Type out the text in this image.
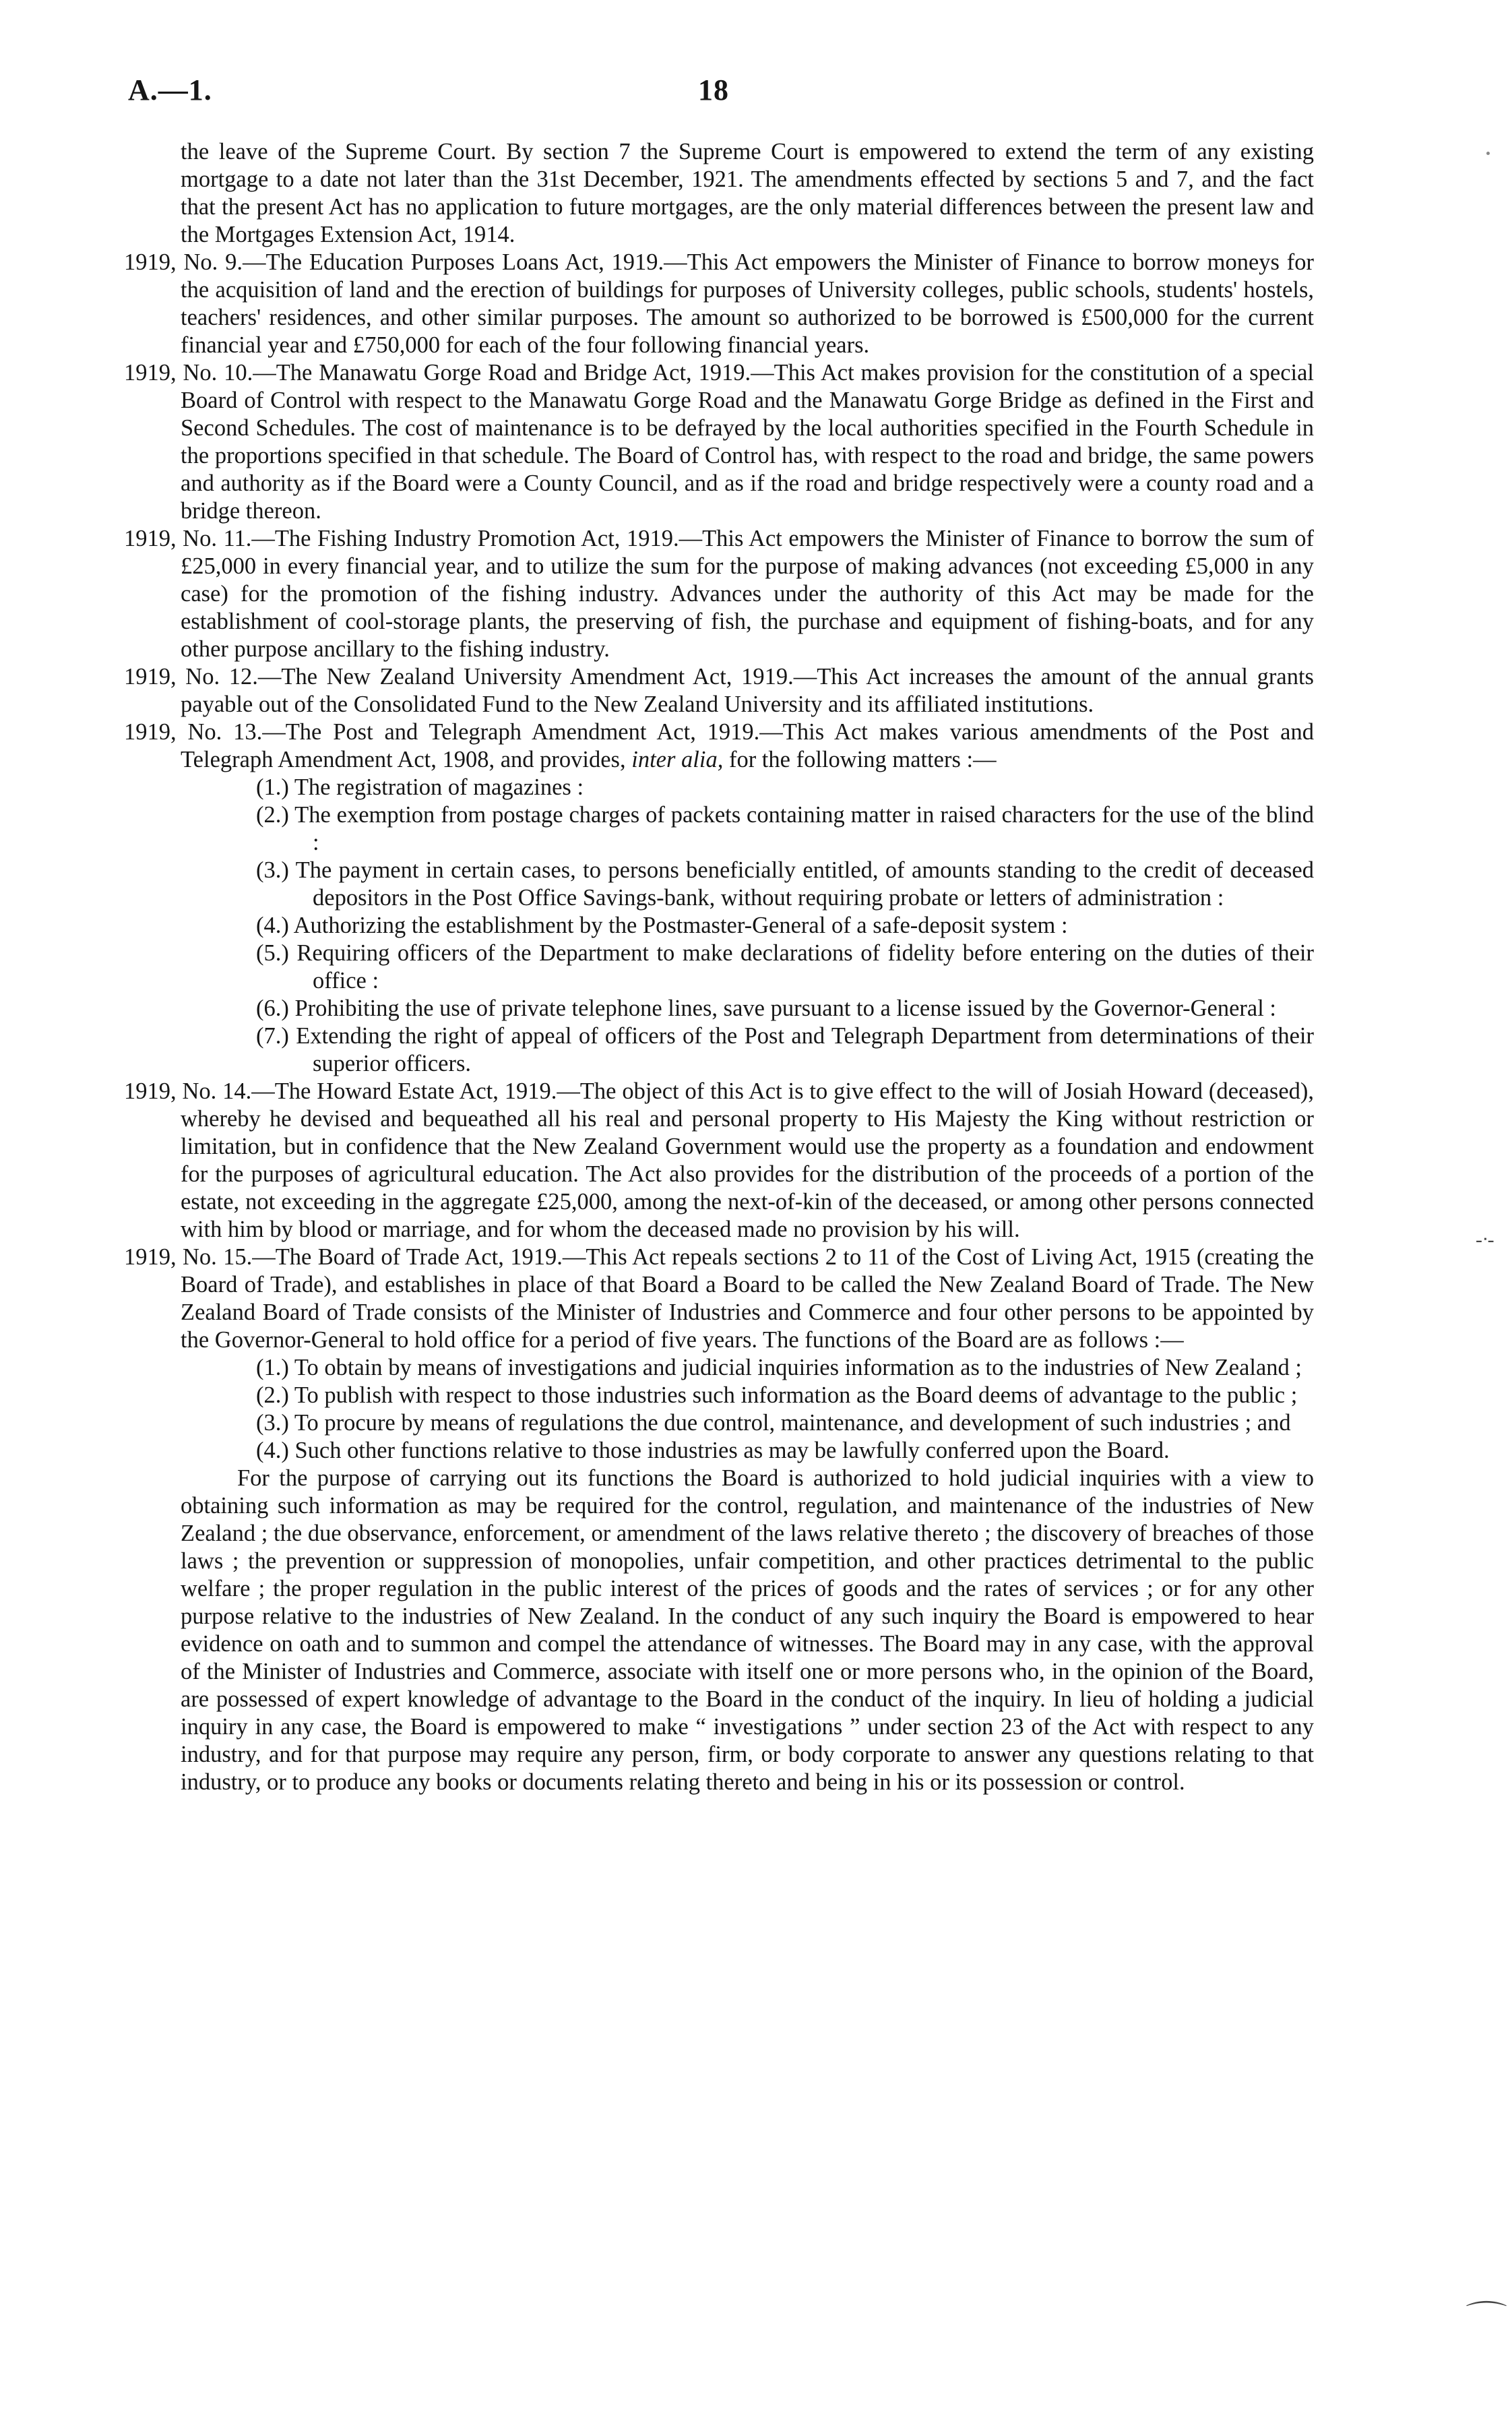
A.—1.	18

the leave of the Supreme Court. By section 7 the Supreme Court is empowered to extend the term of any existing mortgage to a date not later than the 31st December, 1921. The amendments effected by sections 5 and 7, and the fact that the present Act has no application to future mortgages, are the only material differences between the present law and the Mortgages Extension Act, 1914.

1919, No. 9.—The Education Purposes Loans Act, 1919.—This Act empowers the Minister of Finance to borrow moneys for the acquisition of land and the erection of buildings for purposes of University colleges, public schools, students' hostels, teachers' residences, and other similar purposes. The amount so authorized to be borrowed is £500,000 for the current financial year and £750,000 for each of the four following financial years.

1919, No. 10.—The Manawatu Gorge Road and Bridge Act, 1919.—This Act makes provision for the constitution of a special Board of Control with respect to the Manawatu Gorge Road and the Manawatu Gorge Bridge as defined in the First and Second Schedules. The cost of maintenance is to be defrayed by the local authorities specified in the Fourth Schedule in the proportions specified in that schedule. The Board of Control has, with respect to the road and bridge, the same powers and authority as if the Board were a County Council, and as if the road and bridge respectively were a county road and a bridge thereon.

1919, No. 11.—The Fishing Industry Promotion Act, 1919.—This Act empowers the Minister of Finance to borrow the sum of £25,000 in every financial year, and to utilize the sum for the purpose of making advances (not exceeding £5,000 in any case) for the promotion of the fishing industry. Advances under the authority of this Act may be made for the establishment of cool-storage plants, the preserving of fish, the purchase and equipment of fishing-boats, and for any other purpose ancillary to the fishing industry.

1919, No. 12.—The New Zealand University Amendment Act, 1919.—This Act increases the amount of the annual grants payable out of the Consolidated Fund to the New Zealand University and its affiliated institutions.

1919, No. 13.—The Post and Telegraph Amendment Act, 1919.—This Act makes various amendments of the Post and Telegraph Amendment Act, 1908, and provides, inter alia, for the following matters :—

(1.) The registration of magazines :

(2.) The exemption from postage charges of packets containing matter in raised characters for the use of the blind :

(3.) The payment in certain cases, to persons beneficially entitled, of amounts standing to the credit of deceased depositors in the Post Office Savings-bank, without requiring probate or letters of administration :

(4.) Authorizing the establishment by the Postmaster-General of a safe-deposit system :

(5.) Requiring officers of the Department to make declarations of fidelity before entering on the duties of their office :

(6.) Prohibiting the use of private telephone lines, save pursuant to a license issued by the Governor-General :

(7.) Extending the right of appeal of officers of the Post and Telegraph Department from determinations of their superior officers.

1919, No. 14.—The Howard Estate Act, 1919.—The object of this Act is to give effect to the will of Josiah Howard (deceased), whereby he devised and bequeathed all his real and personal property to His Majesty the King without restriction or limitation, but in confidence that the New Zealand Government would use the property as a foundation and endowment for the purposes of agricultural education. The Act also provides for the distribution of the proceeds of a portion of the estate, not exceeding in the aggregate £25,000, among the next-of-kin of the deceased, or among other persons connected with him by blood or marriage, and for whom the deceased made no provision by his will.

1919, No. 15.—The Board of Trade Act, 1919.—This Act repeals sections 2 to 11 of the Cost of Living Act, 1915 (creating the Board of Trade), and establishes in place of that Board a Board to be called the New Zealand Board of Trade. The New Zealand Board of Trade consists of the Minister of Industries and Commerce and four other persons to be appointed by the Governor-General to hold office for a period of five years. The functions of the Board are as follows :—

(1.) To obtain by means of investigations and judicial inquiries information as to the industries of New Zealand ;

(2.) To publish with respect to those industries such information as the Board deems of advantage to the public ;

(3.) To procure by means of regulations the due control, maintenance, and development of such industries ; and

(4.) Such other functions relative to those industries as may be lawfully conferred upon the Board.

For the purpose of carrying out its functions the Board is authorized to hold judicial inquiries with a view to obtaining such information as may be required for the control, regulation, and maintenance of the industries of New Zealand ; the due observance, enforcement, or amendment of the laws relative thereto ; the discovery of breaches of those laws ; the prevention or suppression of monopolies, unfair competition, and other practices detrimental to the public welfare ; the proper regulation in the public interest of the prices of goods and the rates of services ; or for any other purpose relative to the industries of New Zealand. In the conduct of any such inquiry the Board is empowered to hear evidence on oath and to summon and compel the attendance of witnesses. The Board may in any case, with the approval of the Minister of Industries and Commerce, associate with itself one or more persons who, in the opinion of the Board, are possessed of expert knowledge of advantage to the Board in the conduct of the inquiry. In lieu of holding a judicial inquiry in any case, the Board is empowered to make “ investigations ” under section 23 of the Act with respect to any industry, and for that purpose may require any person, firm, or body corporate to answer any questions relating to that industry, or to produce any books or documents relating thereto and being in his or its possession or control.

-ᐧ-
⌒
